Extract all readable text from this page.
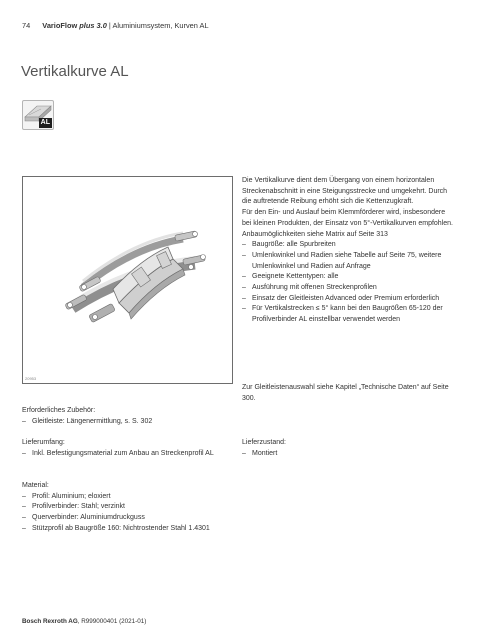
74 VarioFlow plus 3.0 | Aluminiumsystem, Kurven AL
Vertikalkurve AL
AL
20953

Die Vertikalkurve dient dem Übergang von einem horizontalen Streckenabschnitt in eine Steigungsstrecke und umgekehrt. Durch die auftretende Reibung erhöht sich die Kettenzugkraft.

Für den Ein- und Auslauf beim Klemmförderer wird, insbesondere bei kleinen Produkten, der Einsatz von 5°-Vertikalkurven empfohlen.

Anbaumöglichkeiten siehe Matrix auf Seite 313

– Baugröße: alle Spurbreiten
– Umlenkwinkel und Radien siehe Tabelle auf Seite 75, weitere Umlenkwinkel und Radien auf Anfrage
– Geeignete Kettentypen: alle
– Ausführung mit offenen Streckenprofilen
– Einsatz der Gleitleisten Advanced oder Premium erforderlich
– Für Vertikalstrecken ≤ 5° kann bei den Baugrößen 65-120 der Profilverbinder AL einstellbar verwendet werden

Zur Gleitleistenauswahl siehe Kapitel „Technische Daten“ auf Seite 300.

Erforderliches Zubehör:

– Gleitleiste: Längenermittlung, s. S. 302

Lieferumfang:

– Inkl. Befestigungsmaterial zum Anbau an Streckenprofil AL

Lieferzustand:

– Montiert

Material:

– Profil: Aluminium; eloxiert
– Profilverbinder: Stahl; verzinkt
– Querverbinder: Aluminiumdruckguss
– Stützprofil ab Baugröße 160: Nichtrostender Stahl 1.4301
Bosch Rexroth AG, R999000401 (2021-01)
